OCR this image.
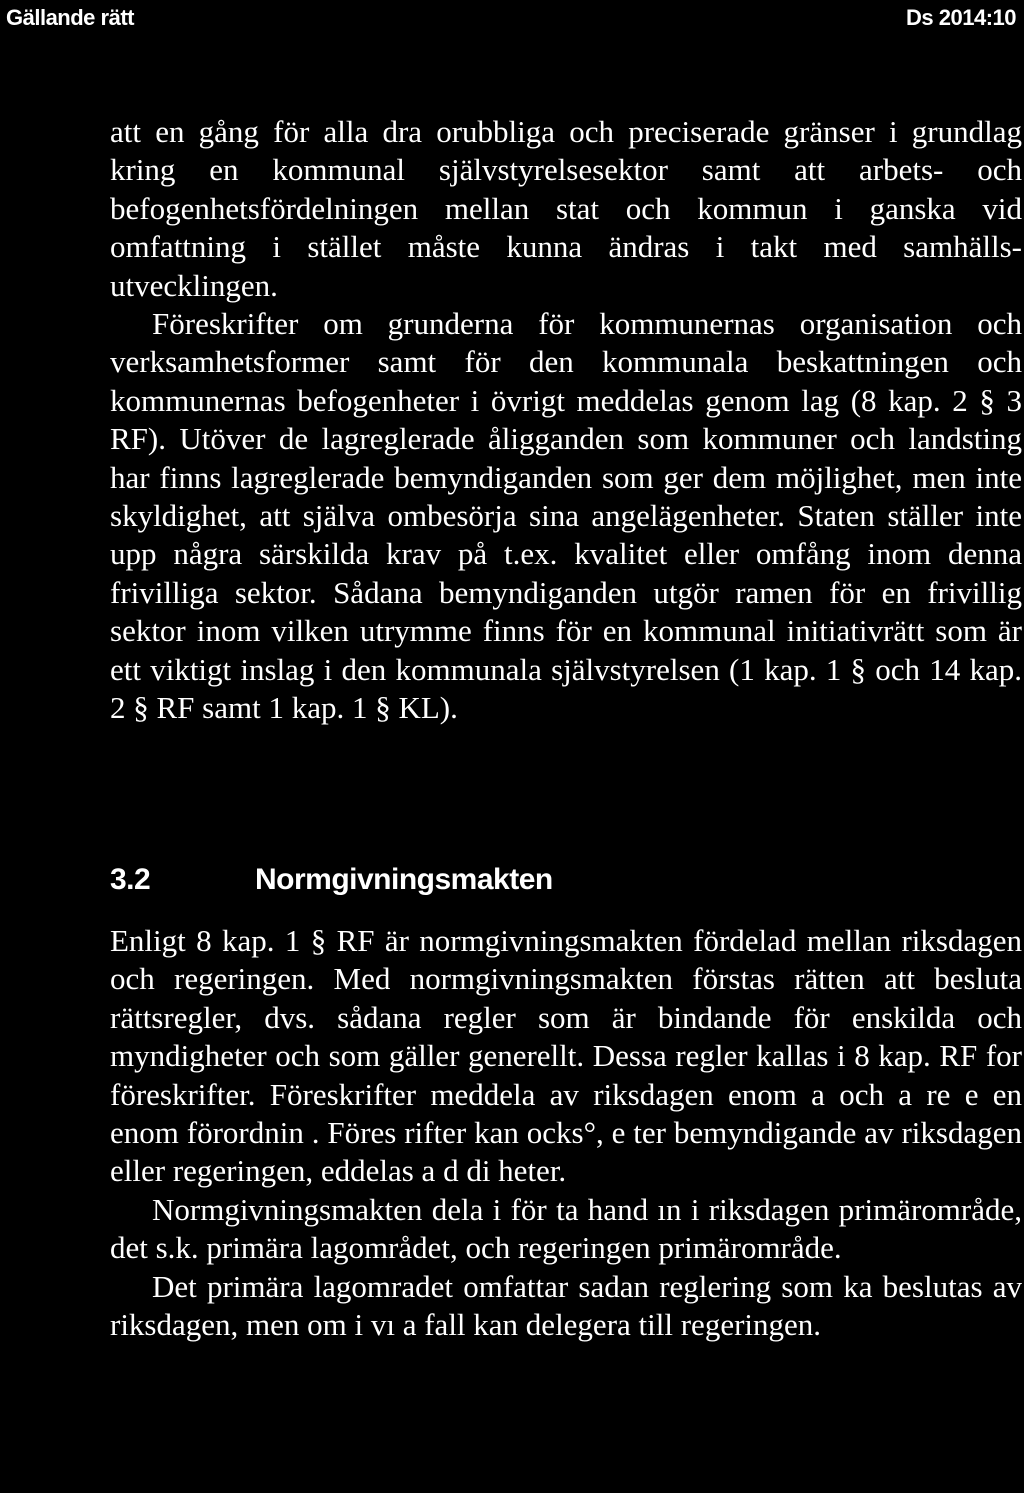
Gällande rätt	Ds 2014:10

att en gång för alla dra orubbliga och preciserade gränser i grundlag kring en kommunal självstyrelsesektor samt att arbets- och befogenhetsfördelningen mellan stat och kommun i ganska vid omfattning i stället måste kunna ändras i takt med samhälls- utvecklingen.

Föreskrifter om grunderna för kommunernas organisation och verksamhetsformer samt för den kommunala beskattningen och kommunernas befogenheter i övrigt meddelas genom lag (8 kap. 2 § 3 RF). Utöver de lagreglerade åligganden som kommuner och landsting har finns lagreglerade bemyndiganden som ger dem möjlighet, men inte skyldighet, att själva ombesörja sina angelägenheter. Staten ställer inte upp några särskilda krav på t.ex. kvalitet eller omfång inom denna frivilliga sektor. Sådana bemyndiganden utgör ramen för en frivillig sektor inom vilken utrymme finns för en kommunal initiativrätt som är ett viktigt inslag i den kommunala självstyrelsen (1 kap. 1 § och 14 kap. 2 § RF samt 1 kap. 1 § KL).

3.2	Normgivningsmakten

Enligt 8 kap. 1 § RF är normgivningsmakten fördelad mellan riksdagen och regeringen. Med normgivningsmakten förstas rätten att besluta rättsregler, dvs. sådana regler som är bindande för enskilda och myndigheter och som gäller generellt. Dessa regler kallas i 8 kap. RF for föreskrifter. Föreskrifter meddela av riksdagen enom a och a re e en enom förordnin . Föres rifter kan ocks°, e ter bemyndigande av riksdagen eller regeringen, eddelas a d di heter.

Normgivningsmakten dela i för ta hand ın i riksdagen primärområde, det s.k. primära lagområdet, och regeringen primärområde.

Det primära lagomradet omfattar sadan reglering som ka beslutas av riksdagen, men om i vı a fall kan delegera till regeringen.
